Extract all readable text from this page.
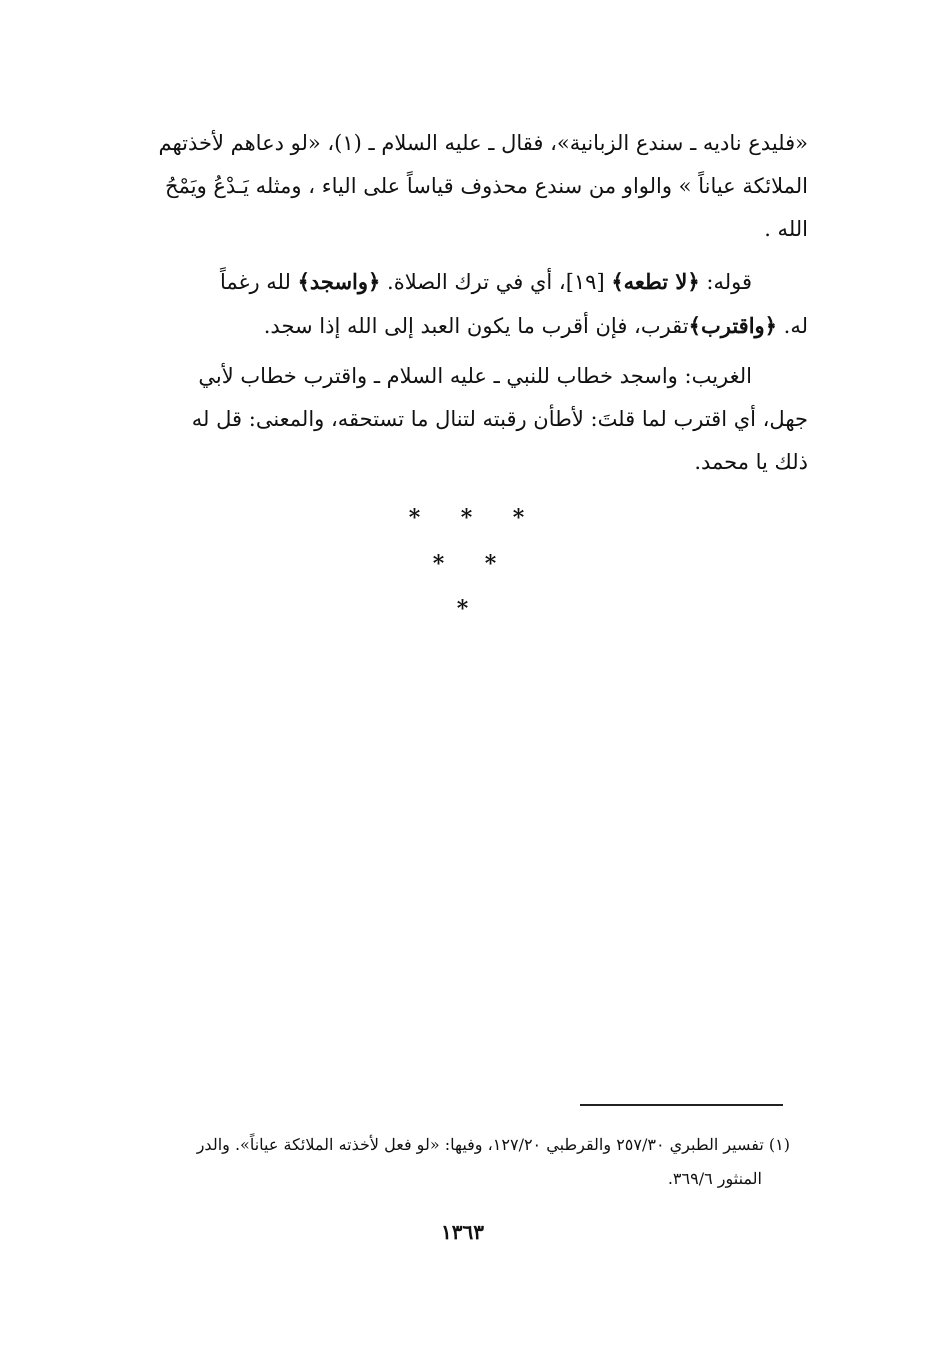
«فليدع ناديه ـ سندع الزبانية»، فقال ـ عليه السلام ـ (١)، «لو دعاهم لأخذتهم

الملائكة عياناً » والواو من سندع محذوف قياساً على الياء ، ومثله يَـدْعُ ويَمْحُ

الله .

قوله: ﴿لا تطعه﴾ [١٩]، أي في ترك الصلاة. ﴿واسجد﴾ لله رغماً

له. ﴿واقترب﴾تقرب، فإن أقرب ما يكون العبد إلى الله إذا سجد.

الغريب: واسجد خطاب للنبي ـ عليه السلام ـ واقترب خطاب لأبي

جهل، أي اقترب لما قلتَ: لأطأن رقبته لتنال ما تستحقه، والمعنى: قل له

ذلك يا محمد.

* * *
* *
*

(١) تفسير الطبري ٢٥٧/٣٠ والقرطبي ١٢٧/٢٠، وفيها: «لو فعل لأخذته الملائكة عياناً». والدر

المنثور ٣٦٩/٦.

١٣٦٣
